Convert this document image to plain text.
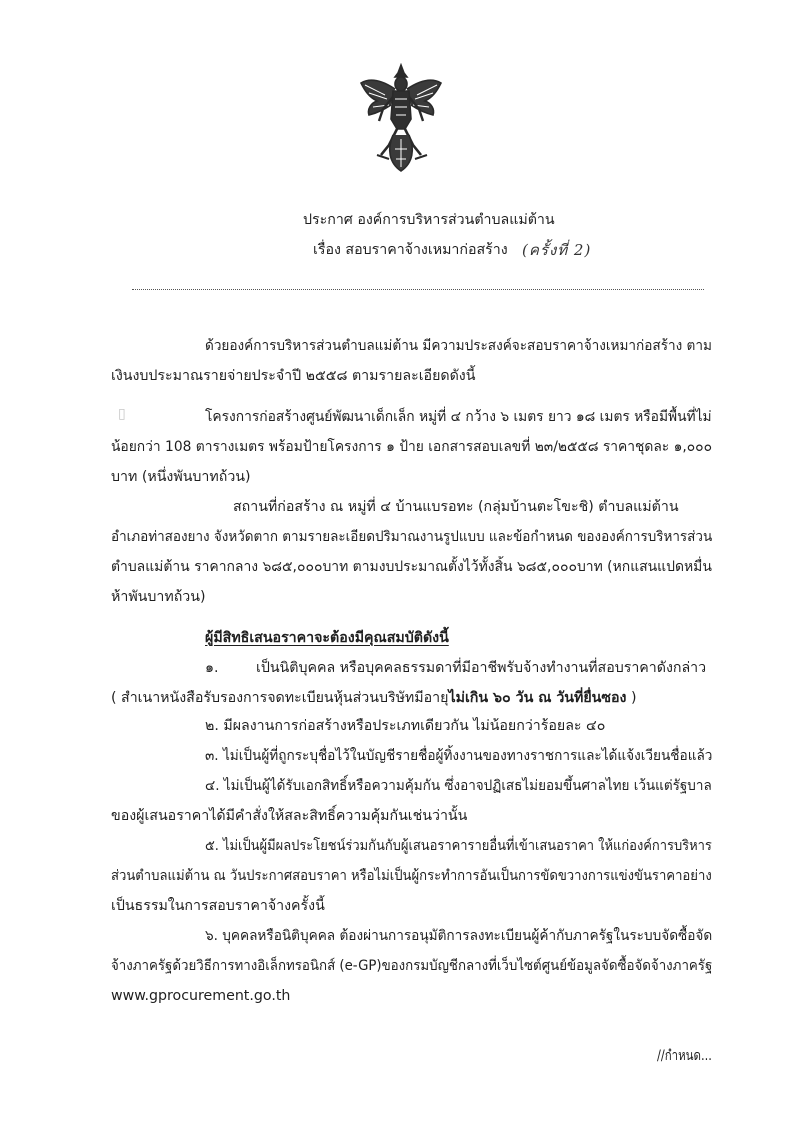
ประกาศ องค์การบริหารส่วนตำบลแม่ต้าน
เรื่อง สอบราคาจ้างเหมาก่อสร้าง (ครั้งที่ 2)
ด้วยองค์การบริหารส่วนตำบลแม่ต้าน มีความประสงค์จะสอบราคาจ้างเหมาก่อสร้าง ตาม
เงินงบประมาณรายจ่ายประจำปี ๒๕๕๘ ตามรายละเอียดดังนี้
▯	โครงการก่อสร้างศูนย์พัฒนาเด็กเล็ก หมู่ที่ ๔ กว้าง ๖ เมตร ยาว ๑๘ เมตร หรือมีพื้นที่ไม่
น้อยกว่า 108 ตารางเมตร พร้อมป้ายโครงการ ๑ ป้าย เอกสารสอบเลขที่ ๒๓/๒๕๕๘ ราคาชุดละ ๑,๐๐๐
บาท (หนึ่งพันบาทถ้วน)
สถานที่ก่อสร้าง ณ หมู่ที่ ๔ บ้านแบรอทะ (กลุ่มบ้านตะโขะชิ) ตำบลแม่ต้าน
อำเภอท่าสองยาง จังหวัดตาก ตามรายละเอียดปริมาณงานรูปแบบ และข้อกำหนด ขององค์การบริหารส่วน
ตำบลแม่ต้าน ราคากลาง ๖๘๕,๐๐๐บาท ตามงบประมาณตั้งไว้ทั้งสิ้น ๖๘๕,๐๐๐บาท (หกแสนแปดหมื่น
ห้าพันบาทถ้วน)
ผู้มีสิทธิเสนอราคาจะต้องมีคุณสมบัติดังนี้
๑.	เป็นนิติบุคคล หรือบุคคลธรรมดาที่มีอาชีพรับจ้างทำงานที่สอบราคาดังกล่าว
( สำเนาหนังสือรับรองการจดทะเบียนหุ้นส่วนบริษัทมีอายุไม่เกิน ๖๐ วัน ณ วันที่ยื่นซอง )
๒. มีผลงานการก่อสร้างหรือประเภทเดียวกัน ไม่น้อยกว่าร้อยละ ๔๐
๓. ไม่เป็นผู้ที่ถูกระบุชื่อไว้ในบัญชีรายชื่อผู้ทิ้งงานของทางราชการและได้แจ้งเวียนชื่อแล้ว
๔. ไม่เป็นผู้ได้รับเอกสิทธิ์หรือความคุ้มกัน ซึ่งอาจปฏิเสธไม่ยอมขึ้นศาลไทย เว้นแต่รัฐบาล
ของผู้เสนอราคาได้มีคำสั่งให้สละสิทธิ์ความคุ้มกันเช่นว่านั้น
๕. ไม่เป็นผู้มีผลประโยชน์ร่วมกันกับผู้เสนอราคารายอื่นที่เข้าเสนอราคา ให้แก่องค์การบริหาร
ส่วนตำบลแม่ต้าน ณ วันประกาศสอบราคา หรือไม่เป็นผู้กระทำการอันเป็นการขัดขวางการแข่งขันราคาอย่าง
เป็นธรรมในการสอบราคาจ้างครั้งนี้
๖. บุคคลหรือนิติบุคคล ต้องผ่านการอนุมัติการลงทะเบียนผู้ค้ากับภาครัฐในระบบจัดซื้อจัด
จ้างภาครัฐด้วยวิธีการทางอิเล็กทรอนิกส์ (e-GP)ของกรมบัญชีกลางที่เว็บไซต์ศูนย์ข้อมูลจัดซื้อจัดจ้างภาครัฐ
www.gprocurement.go.th
//กำหนด...
